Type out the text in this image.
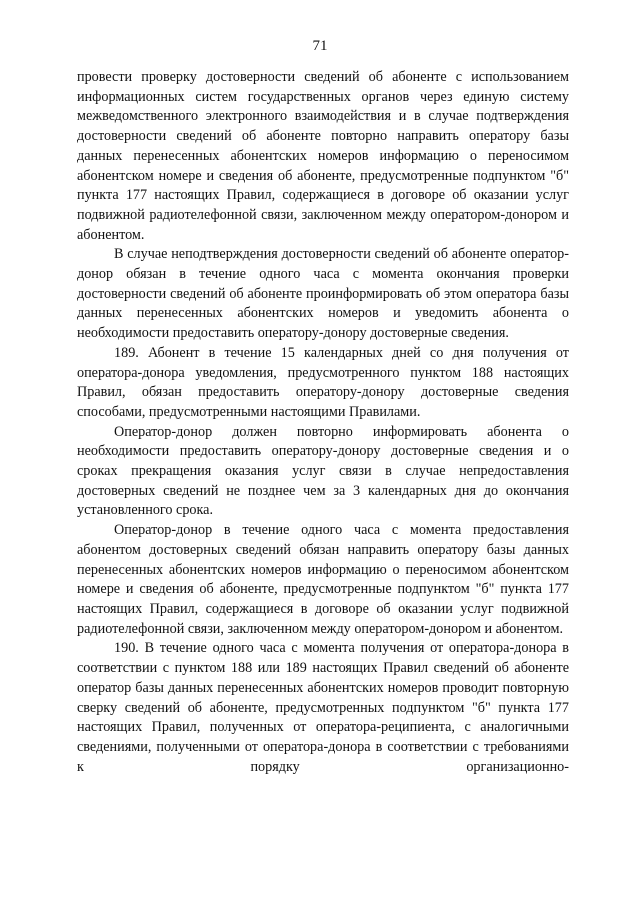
71

провести проверку достоверности сведений об абоненте с использованием информационных систем государственных органов через единую систему межведомственного электронного взаимодействия и в случае подтверждения достоверности сведений об абоненте повторно направить оператору базы данных перенесенных абонентских номеров информацию о переносимом абонентском номере и сведения об абоненте, предусмотренные подпунктом "б" пункта 177 настоящих Правил, содержащиеся в договоре об оказании услуг подвижной радиотелефонной связи, заключенном между оператором-донором и абонентом.

В случае неподтверждения достоверности сведений об абоненте оператор-донор обязан в течение одного часа с момента окончания проверки достоверности сведений об абоненте проинформировать об этом оператора базы данных перенесенных абонентских номеров и уведомить абонента о необходимости предоставить оператору-донору достоверные сведения.

189. Абонент в течение 15 календарных дней со дня получения от оператора-донора уведомления, предусмотренного пунктом 188 настоящих Правил, обязан предоставить оператору-донору достоверные сведения способами, предусмотренными настоящими Правилами.

Оператор-донор должен повторно информировать абонента о необходимости предоставить оператору-донору достоверные сведения и о сроках прекращения оказания услуг связи в случае непредоставления достоверных сведений не позднее чем за 3 календарных дня до окончания установленного срока.

Оператор-донор в течение одного часа с момента предоставления абонентом достоверных сведений обязан направить оператору базы данных перенесенных абонентских номеров информацию о переносимом абонентском номере и сведения об абоненте, предусмотренные подпунктом "б" пункта 177 настоящих Правил, содержащиеся в договоре об оказании услуг подвижной радиотелефонной связи, заключенном между оператором-донором и абонентом.

190. В течение одного часа с момента получения от оператора-донора в соответствии с пунктом 188 или 189 настоящих Правил сведений об абоненте оператор базы данных перенесенных абонентских номеров проводит повторную сверку сведений об абоненте, предусмотренных подпунктом "б" пункта 177 настоящих Правил, полученных от оператора-реципиента, с аналогичными сведениями, полученными от оператора-донора в соответствии с требованиями к порядку организационно-
